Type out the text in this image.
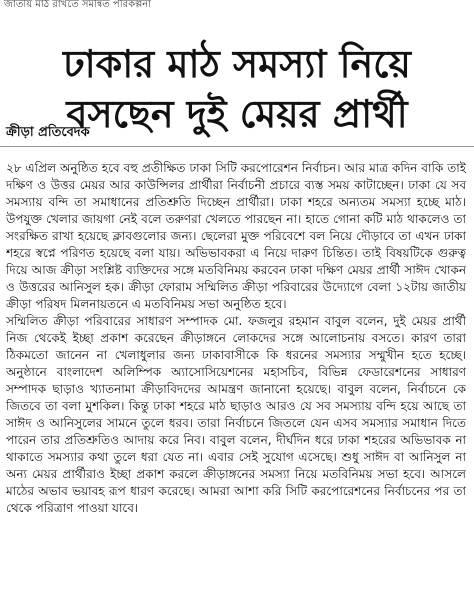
জাতীয় মাঠ রাখতে সমন্বিত পরিকল্পনা
ঢাকার মাঠ সমস্যা নিয়ে
বসছেন দুই মেয়র প্রার্থী
ক্রীড়া প্রতিবেদক

২৮ এপ্রিল অনুষ্ঠিত হবে বহু প্রতীক্ষিত ঢাকা সিটি করপোরেশন নির্বাচন। আর মাত্র কদিন বাকি তাই দক্ষিণ ও উত্তর মেয়র আর কাউন্সিলর প্রার্থীরা নির্বাচনী প্রচারে ব্যস্ত সময় কাটাচ্ছেন। ঢাকা যে সব সমস্যায় বন্দি তা সমাধানের প্রতিশ্রুতি দিচ্ছেন প্রার্থীরা। ঢাকা শহরে অন্যতম সমস্যা হচ্ছে মাঠ। উপযুক্ত খেলার জায়গা নেই বলে তরুণরা খেলতে পারছেন না। হাতে গোনা কটি মাঠ থাকলেও তা সংরক্ষিত রাখা হয়েছে ক্লাবগুলোর জন্য। ছেলেরা মুক্ত পরিবেশে বল নিয়ে দৌড়াবে তা এখন ঢাকা শহরে স্বপ্নে পরিণত হয়েছে বলা যায়। অভিভাবকরা এ নিয়ে দারুণ চিন্তিত। তাই বিষয়টিকে গুরুত্ব দিয়ে আজ ক্রীড়া সংশ্লিষ্ট ব্যক্তিদের সঙ্গে মতবিনিময় করবেন ঢাকা দক্ষিণ মেয়র প্রার্থী সাঈদ খোকন ও উত্তরের আনিসুল হক। ক্রীড়া ফোরাম সম্মিলিত ক্রীড়া পরিবারের উদ্যোগে বেলা ১২টায় জাতীয় ক্রীড়া পরিষদ মিলনায়তনে এ মতবিনিময় সভা অনুষ্ঠিত হবে।

সম্মিলিত ক্রীড়া পরিবারের সাধারণ সম্পাদক মো. ফজলুর রহমান বাবুল বলেন, দুই মেয়র প্রার্থী নিজ থেকেই ইচ্ছা প্রকাশ করেছেন ক্রীড়াঙ্গনে লোকদের সঙ্গে আলোচনায় বসতে। কারণ তারা ঠিকমতো জানেন না খেলাধুলার জন্য ঢাকাবাসীকে কি ধরনের সমস্যার সম্মুখীন হতে হচ্ছে। অনুষ্ঠানে বাংলাদেশ অলিম্পিক অ্যাসোসিয়েশনের মহাসচিব, বিভিন্ন ফেডারেশনের সাধারণ সম্পাদক ছাড়াও খ্যাতনামা ক্রীড়াবিদদের আমন্ত্রণ জানানো হয়েছে। বাবুল বলেন, নির্বাচনে কে জিতবে তা বলা মুশকিল। কিন্তু ঢাকা শহরে মাঠ ছাড়াও আরও যে সব সমস্যায় বন্দি হয়ে আছে তা সাঈদ ও আনিসুলের সামনে তুলে ধরব। তারা নির্বাচনে জিতলে যেন এসব সমস্যার সমাধান দিতে পারেন তার প্রতিশ্রুতিও আদায় করে নিব। বাবুল বলেন, দীর্ঘদিন ধরে ঢাকা শহরের অভিভাবক না থাকাতে সমস্যার কথা তুলে ধরা যেত না। এবার সেই সুযোগ এসেছে। শুধু সাঈদ বা আনিসুল না অন্য মেয়র প্রার্থীরাও ইচ্ছা প্রকাশ করলে ক্রীড়াঙ্গনের সমস্যা নিয়ে মতবিনিময় সভা হবে। আসলে মাঠের অভাব ভয়াবহ রূপ ধারণ করেছে। আমরা আশা করি সিটি করপোরেশনের নির্বাচনের পর তা থেকে পরিত্রাণ পাওয়া যাবে।
